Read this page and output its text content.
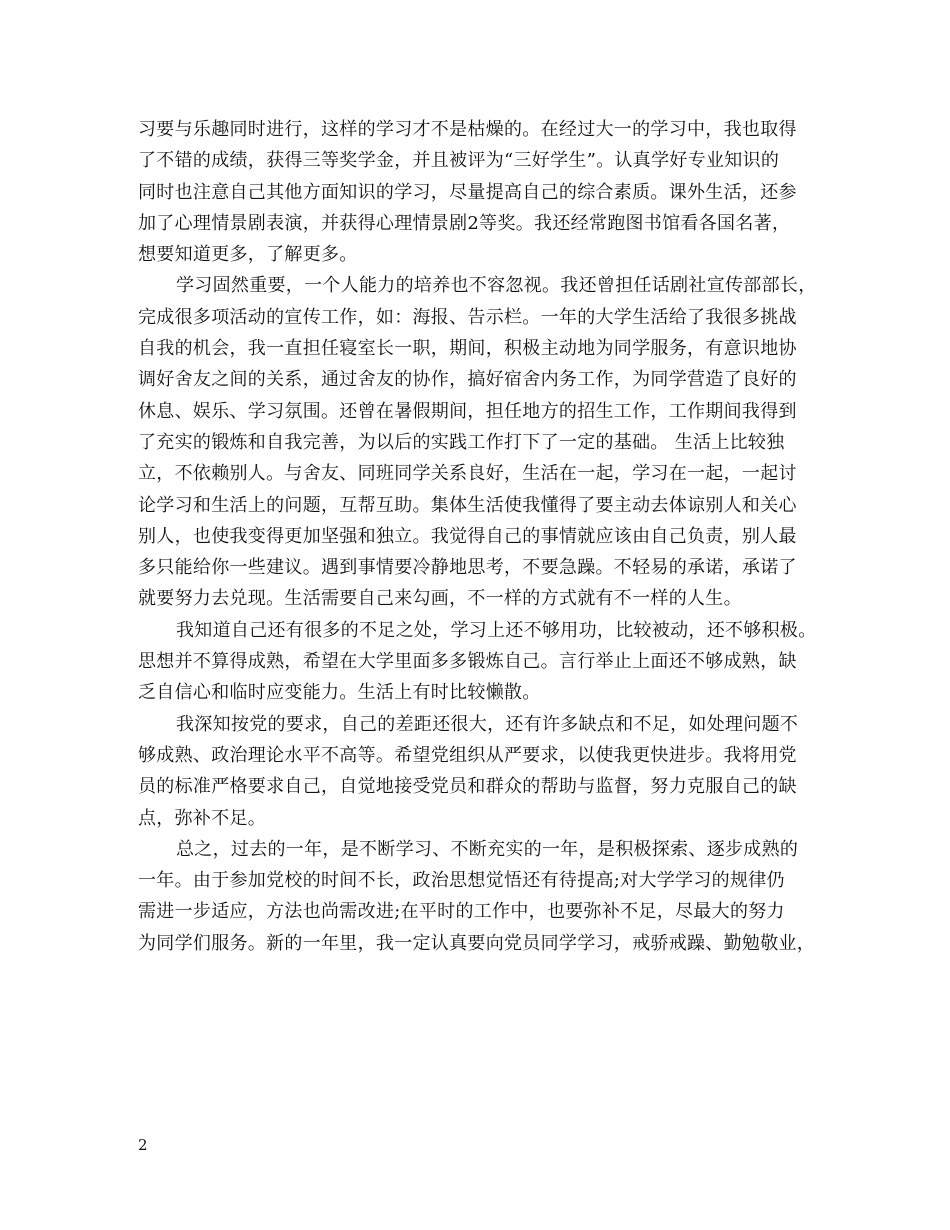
习要与乐趣同时进行，这样的学习才不是枯燥的。在经过大一的学习中，我也取得
了不错的成绩，获得三等奖学金，并且被评为“三好学生”。认真学好专业知识的
同时也注意自己其他方面知识的学习，尽量提高自己的综合素质。课外生活，还参
加了心理情景剧表演，并获得心理情景剧2等奖。我还经常跑图书馆看各国名著，
想要知道更多，了解更多。
学习固然重要，一个人能力的培养也不容忽视。我还曾担任话剧社宣传部部长，
完成很多项活动的宣传工作，如：海报、告示栏。一年的大学生活给了我很多挑战
自我的机会，我一直担任寝室长一职，期间，积极主动地为同学服务，有意识地协
调好舍友之间的关系，通过舍友的协作，搞好宿舍内务工作，为同学营造了良好的
休息、娱乐、学习氛围。还曾在暑假期间，担任地方的招生工作，工作期间我得到
了充实的锻炼和自我完善，为以后的实践工作打下了一定的基础。 生活上比较独
立，不依赖别人。与舍友、同班同学关系良好，生活在一起，学习在一起，一起讨
论学习和生活上的问题，互帮互助。集体生活使我懂得了要主动去体谅别人和关心
别人，也使我变得更加坚强和独立。我觉得自己的事情就应该由自己负责，别人最
多只能给你一些建议。遇到事情要冷静地思考，不要急躁。不轻易的承诺，承诺了
就要努力去兑现。生活需要自己来勾画，不一样的方式就有不一样的人生。
我知道自己还有很多的不足之处，学习上还不够用功，比较被动，还不够积极。
思想并不算得成熟，希望在大学里面多多锻炼自己。言行举止上面还不够成熟，缺
乏自信心和临时应变能力。生活上有时比较懒散。
我深知按党的要求，自己的差距还很大，还有许多缺点和不足，如处理问题不
够成熟、政治理论水平不高等。希望党组织从严要求，以使我更快进步。我将用党
员的标准严格要求自己，自觉地接受党员和群众的帮助与监督，努力克服自己的缺
点，弥补不足。
总之，过去的一年，是不断学习、不断充实的一年，是积极探索、逐步成熟的
一年。由于参加党校的时间不长，政治思想觉悟还有待提高;对大学学习的规律仍
需进一步适应，方法也尚需改进;在平时的工作中，也要弥补不足，尽最大的努力
为同学们服务。新的一年里，我一定认真要向党员同学学习，戒骄戒躁、勤勉敬业，
2
